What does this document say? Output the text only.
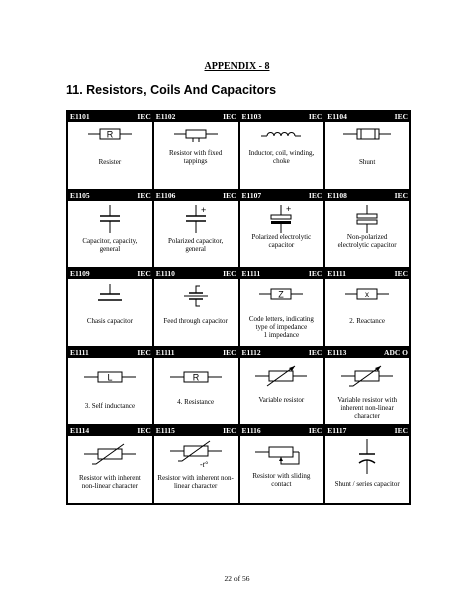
APPENDIX - 8
11. Resistors, Coils And Capacitors
E1101	IEC
R
Resister
E1102	IEC
Resistor with fixed
tappings
E1103	IEC
Inductor, coil, winding,
choke
E1104	IEC
Shunt
E1105	IEC
Capacitor, capacity,
general
E1106	IEC
+
Polarized capacitor,
general
E1107	IEC
+
Polarized electrolytic
capacitor
E1108	IEC
Non-polarized
electrolytic capacitor
E1109	IEC
Chasis capacitor
E1110	IEC
Feed through capacitor
E1111	IEC
Z
Code letters, indicating
type of impedance
1 impedance
E1111	IEC
x
2. Reactance
E1111	IEC
L
3. Self inductance
E1111	IEC
R
4. Resistance
E1112	IEC
Variable resistor
E1113	ADC O
Variable resistor with
inherent non-linear
character
E1114	IEC
Resistor with inherent
non-linear character
E1115	IEC
-t°
Resistor with inherent non-
linear character
E1116	IEC
Resistor with sliding
contact
E1117	IEC
Shunt / series capacitor
22 of 56
